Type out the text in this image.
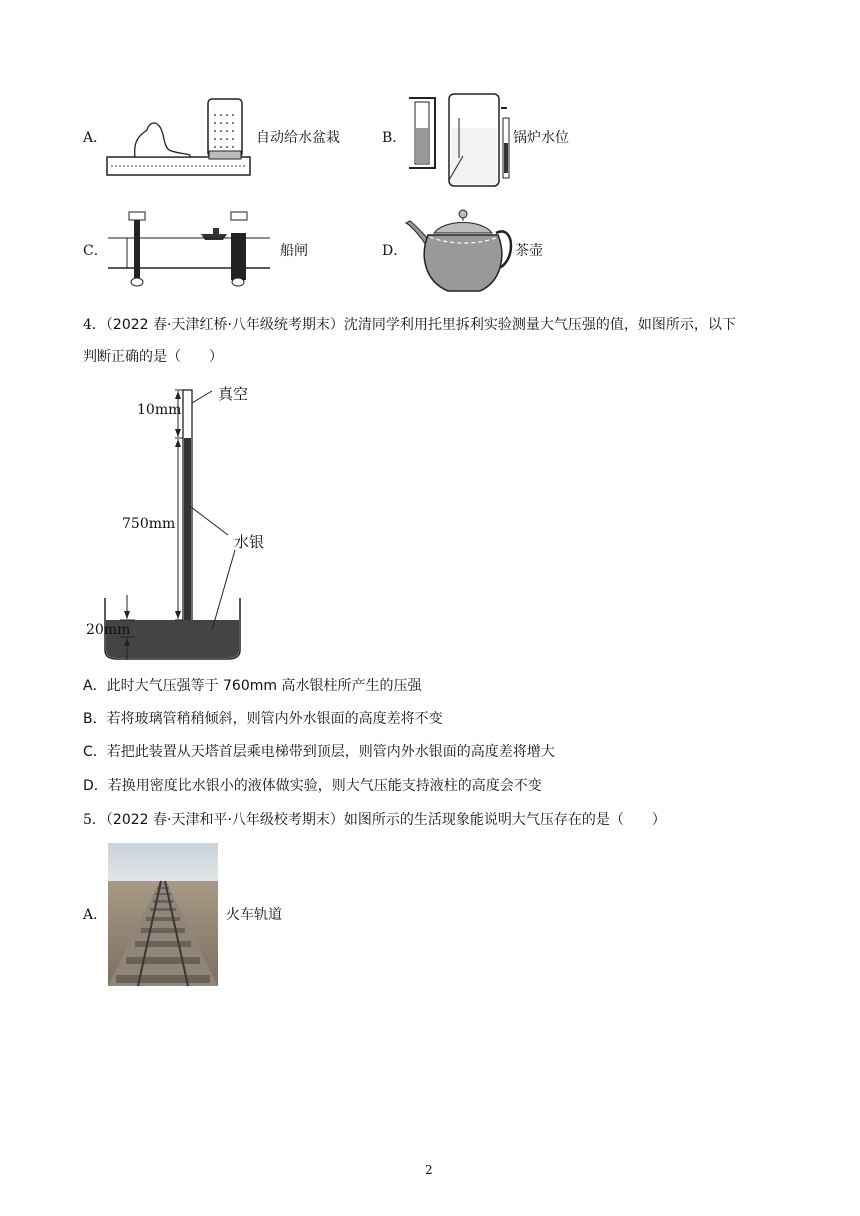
A．	自动给水盆栽	B．	锅炉水位
C．	船闸	D．	茶壶
4．（2022 春·天津红桥·八年级统考期末）沈清同学利用托里拆利实验测量大气压强的值，如图所示，以下
判断正确的是（　　）
真空
10mm
750mm
水银
20mm
A．此时大气压强等于 760mm 高水银柱所产生的压强
B．若将玻璃管稍稍倾斜，则管内外水银面的高度差将不变
C．若把此装置从天塔首层乘电梯带到顶层，则管内外水银面的高度差将增大
D．若换用密度比水银小的液体做实验，则大气压能支持液柱的高度会不变
5．（2022 春·天津和平·八年级校考期末）如图所示的生活现象能说明大气压存在的是（　　）
A．	火车轨道
2
